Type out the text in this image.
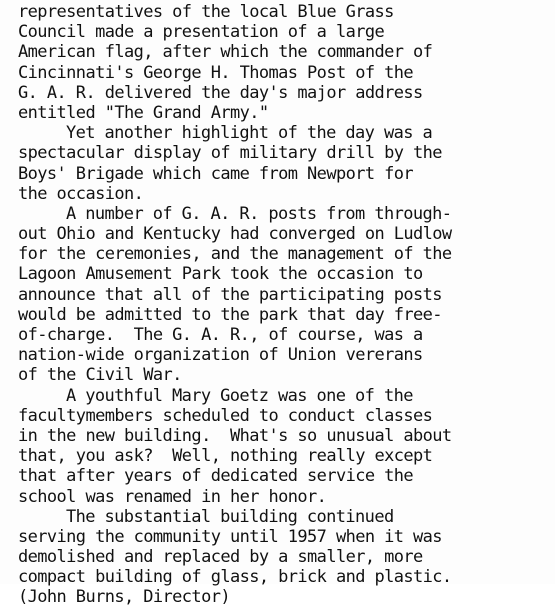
representatives of the local Blue Grass
Council made a presentation of a large
American flag, after which the commander of
Cincinnati's George H. Thomas Post of the
G. A. R. delivered the day's major address
entitled "The Grand Army."
Yet another highlight of the day was a
spectacular display of military drill by the
Boys' Brigade which came from Newport for
the occasion.
A number of G. A. R. posts from through-
out Ohio and Kentucky had converged on Ludlow
for the ceremonies, and the management of the
Lagoon Amusement Park took the occasion to
announce that all of the participating posts
would be admitted to the park that day free-
of-charge.  The G. A. R., of course, was a
nation-wide organization of Union vererans
of the Civil War.
A youthful Mary Goetz was one of the
facultymembers scheduled to conduct classes
in the new building.  What's so unusual about
that, you ask?  Well, nothing really except
that after years of dedicated service the
school was renamed in her honor.
The substantial building continued
serving the community until 1957 when it was
demolished and replaced by a smaller, more
compact building of glass, brick and plastic.
(John Burns, Director)
